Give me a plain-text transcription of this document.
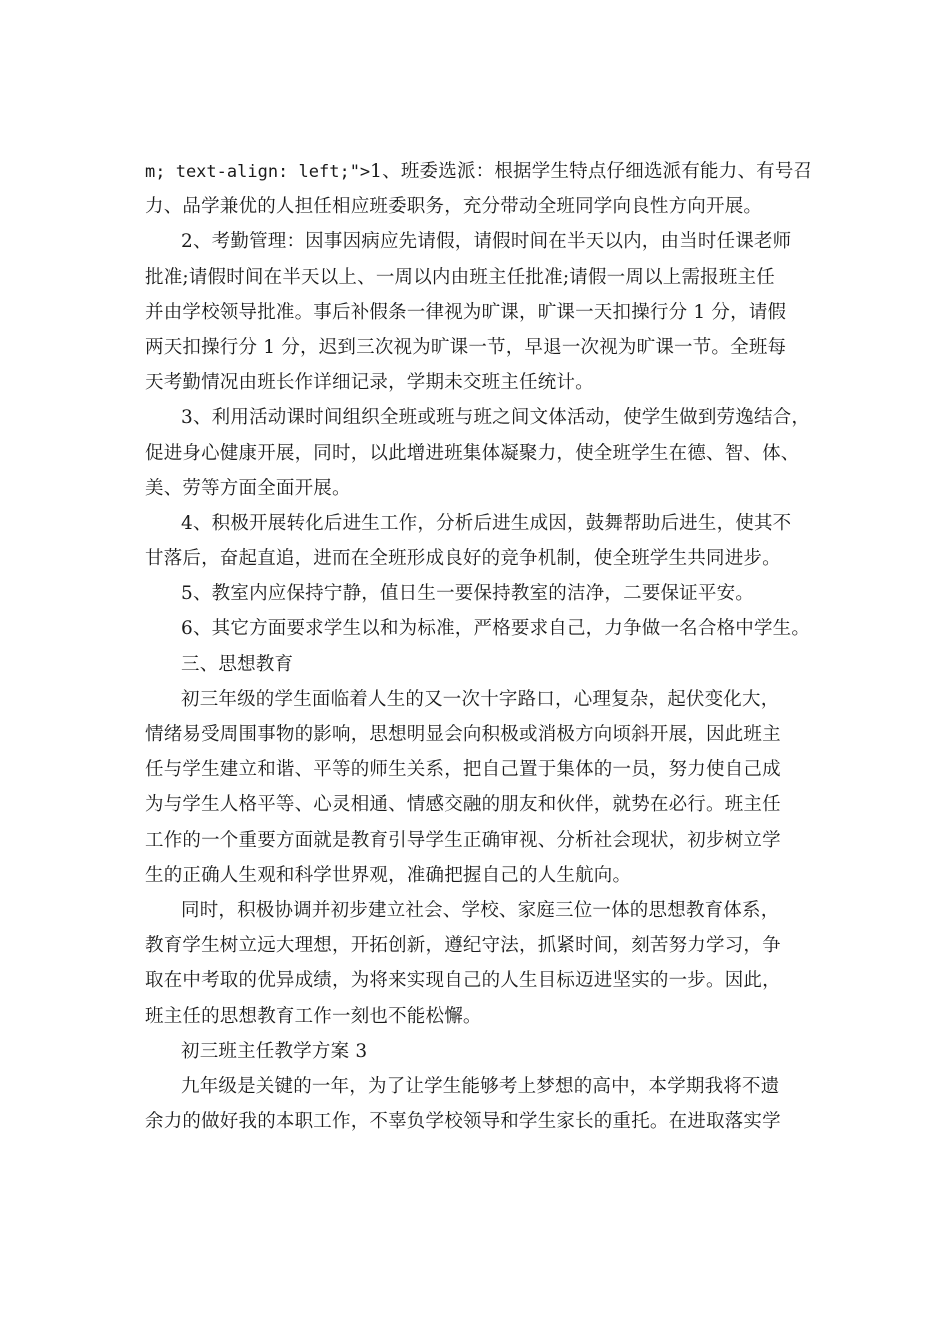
m; text-align: left;">1、班委选派：根据学生特点仔细选派有能力、有号召
力、品学兼优的人担任相应班委职务，充分带动全班同学向良性方向开展。
2、考勤管理：因事因病应先请假，请假时间在半天以内，由当时任课老师
批准;请假时间在半天以上、一周以内由班主任批准;请假一周以上需报班主任
并由学校领导批准。事后补假条一律视为旷课，旷课一天扣操行分 1 分，请假
两天扣操行分 1 分，迟到三次视为旷课一节，早退一次视为旷课一节。全班每
天考勤情况由班长作详细记录，学期未交班主任统计。
3、利用活动课时间组织全班或班与班之间文体活动，使学生做到劳逸结合，
促进身心健康开展，同时，以此增进班集体凝聚力，使全班学生在德、智、体、
美、劳等方面全面开展。
4、积极开展转化后进生工作，分析后进生成因，鼓舞帮助后进生，使其不
甘落后，奋起直追，进而在全班形成良好的竞争机制，使全班学生共同进步。
5、教室内应保持宁静，值日生一要保持教室的洁净，二要保证平安。
6、其它方面要求学生以和为标准，严格要求自己，力争做一名合格中学生。
三、思想教育
初三年级的学生面临着人生的又一次十字路口，心理复杂，起伏变化大，
情绪易受周围事物的影响，思想明显会向积极或消极方向顷斜开展，因此班主
任与学生建立和谐、平等的师生关系，把自己置于集体的一员，努力使自己成
为与学生人格平等、心灵相通、情感交融的朋友和伙伴，就势在必行。班主任
工作的一个重要方面就是教育引导学生正确审视、分析社会现状，初步树立学
生的正确人生观和科学世界观，准确把握自己的人生航向。
同时，积极协调并初步建立社会、学校、家庭三位一体的思想教育体系，
教育学生树立远大理想，开拓创新，遵纪守法，抓紧时间，刻苦努力学习，争
取在中考取的优异成绩，为将来实现自己的人生目标迈进坚实的一步。因此，
班主任的思想教育工作一刻也不能松懈。
初三班主任教学方案 3
九年级是关键的一年，为了让学生能够考上梦想的高中，本学期我将不遗
余力的做好我的本职工作，不辜负学校领导和学生家长的重托。在进取落实学
